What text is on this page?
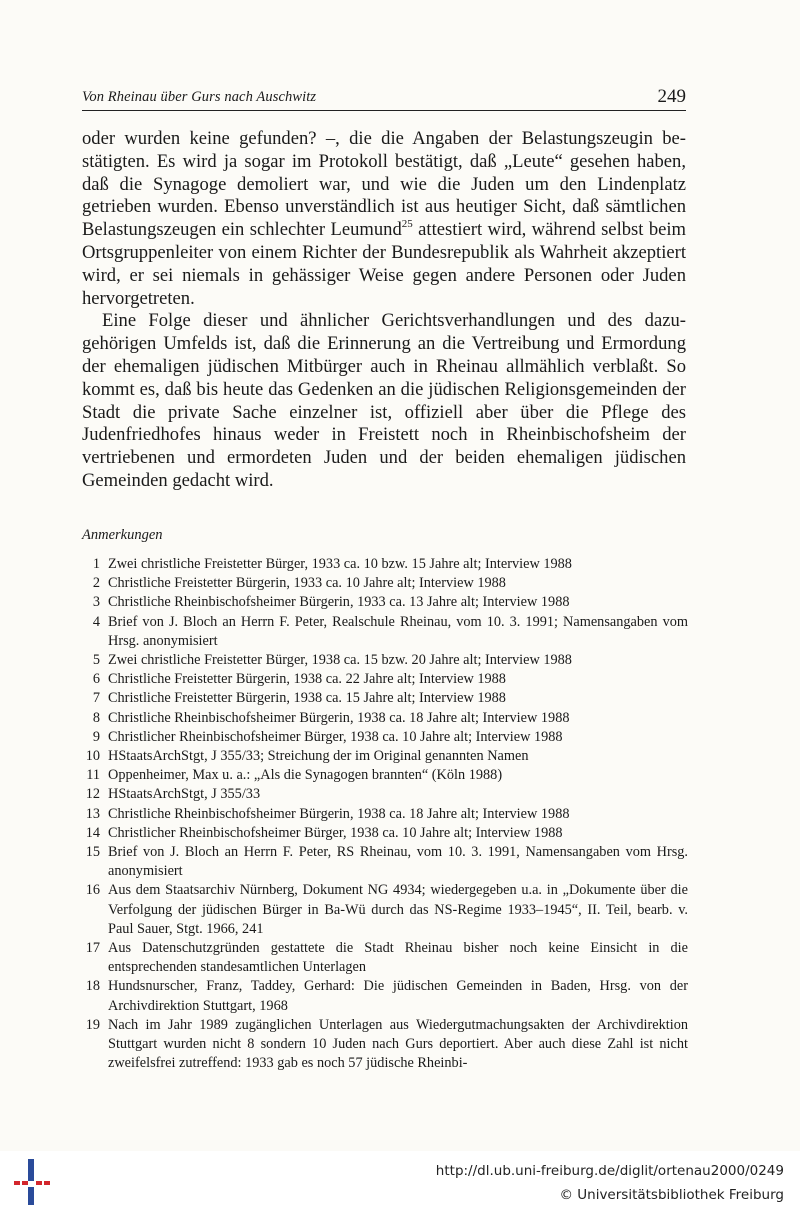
Von Rheinau über Gurs nach Auschwitz	249

oder wurden keine gefunden? –, die die Angaben der Belastungszeugin bestätigten. Es wird ja sogar im Protokoll bestätigt, daß „Leute“ gesehen haben, daß die Synagoge demoliert war, und wie die Juden um den Lindenplatz getrieben wurden. Ebenso unverständlich ist aus heutiger Sicht, daß sämtlichen Belastungszeugen ein schlechter Leumund$^{25}$ attestiert wird, während selbst beim Ortsgruppenleiter von einem Richter der Bundesrepublik als Wahrheit akzeptiert wird, er sei niemals in gehässiger Weise gegen andere Personen oder Juden hervorgetreten.

Eine Folge dieser und ähnlicher Gerichtsverhandlungen und des dazugehörigen Umfelds ist, daß die Erinnerung an die Vertreibung und Ermordung der ehemaligen jüdischen Mitbürger auch in Rheinau allmählich verblaßt. So kommt es, daß bis heute das Gedenken an die jüdischen Religionsgemeinden der Stadt die private Sache einzelner ist, offiziell aber über die Pflege des Judenfriedhofes hinaus weder in Freistett noch in Rheinbischofsheim der vertriebenen und ermordeten Juden und der beiden ehemaligen jüdischen Gemeinden gedacht wird.

Anmerkungen
1 Zwei christliche Freistetter Bürger, 1933 ca. 10 bzw. 15 Jahre alt; Interview 1988
2 Christliche Freistetter Bürgerin, 1933 ca. 10 Jahre alt; Interview 1988
3 Christliche Rheinbischofsheimer Bürgerin, 1933 ca. 13 Jahre alt; Interview 1988
4 Brief von J. Bloch an Herrn F. Peter, Realschule Rheinau, vom 10. 3. 1991; Namensangaben vom Hrsg. anonymisiert
5 Zwei christliche Freistetter Bürger, 1938 ca. 15 bzw. 20 Jahre alt; Interview 1988
6 Christliche Freistetter Bürgerin, 1938 ca. 22 Jahre alt; Interview 1988
7 Christliche Freistetter Bürgerin, 1938 ca. 15 Jahre alt; Interview 1988
8 Christliche Rheinbischofsheimer Bürgerin, 1938 ca. 18 Jahre alt; Interview 1988
9 Christlicher Rheinbischofsheimer Bürger, 1938 ca. 10 Jahre alt; Interview 1988
10 HStaatsArchStgt, J 355/33; Streichung der im Original genannten Namen
11 Oppenheimer, Max u. a.: „Als die Synagogen brannten“ (Köln 1988)
12 HStaatsArchStgt, J 355/33
13 Christliche Rheinbischofsheimer Bürgerin, 1938 ca. 18 Jahre alt; Interview 1988
14 Christlicher Rheinbischofsheimer Bürger, 1938 ca. 10 Jahre alt; Interview 1988
15 Brief von J. Bloch an Herrn F. Peter, RS Rheinau, vom 10. 3. 1991, Namensangaben vom Hrsg. anonymisiert
16 Aus dem Staatsarchiv Nürnberg, Dokument NG 4934; wiedergegeben u.a. in „Dokumente über die Verfolgung der jüdischen Bürger in Ba-Wü durch das NS-Regime 1933–1945“, II. Teil, bearb. v. Paul Sauer, Stgt. 1966, 241
17 Aus Datenschutzgründen gestattete die Stadt Rheinau bisher noch keine Einsicht in die entsprechenden standesamtlichen Unterlagen
18 Hundsnurscher, Franz, Taddey, Gerhard: Die jüdischen Gemeinden in Baden, Hrsg. von der Archivdirektion Stuttgart, 1968
19 Nach im Jahr 1989 zugänglichen Unterlagen aus Wiedergutmachungsakten der Archivdirektion Stuttgart wurden nicht 8 sondern 10 Juden nach Gurs deportiert. Aber auch diese Zahl ist nicht zweifelsfrei zutreffend: 1933 gab es noch 57 jüdische Rheinbi-
http://dl.ub.uni-freiburg.de/diglit/ortenau2000/0249
© Universitätsbibliothek Freiburg
